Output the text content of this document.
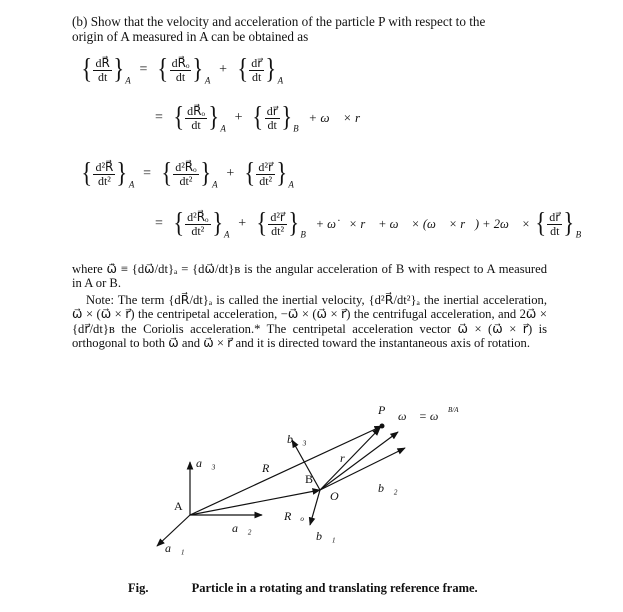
(b) Show that the velocity and acceleration of the particle P with respect to the
origin of A measured in A can be obtained as
{ $\frac{dR⃗}{dt} \}_A$ = { $\frac{\text{dR⃗ₒ}}{dt} \}_A$ + { $\frac{dr⃗}{dt} \}_A$
= { $\frac{\text{dR⃗ₒ}}{dt} \}_A$ + { $\frac{dr⃗}{dt} \}_B$ + ω⃗ × r⃗
{ $\frac{\text{d²R⃗}}{\text{dt²}} \}_A$ = { $\frac{\text{d²R⃗ₒ}}{\text{dt²}} \}_A$ + { $\frac{\text{d²r⃗}}{\text{dt²}} \}_A$
= { $\frac{\text{d²R⃗ₒ}}{\text{dt²}} \}_A$ + { $\frac{\text{d²r⃗}}{\text{dt²}} \}_B$ + ω̇⃗ × r⃗ + ω⃗ × (ω⃗ × r⃗) + 2ω⃗ × { $\frac{dr⃗}{dt} \}_B$
where ω̇⃗ ≡ {dω⃗/dt}ₐ = {dω⃗/dt}ʙ is the angular acceleration of B with respect to A measured in A or B.
Note: The term {dR⃗/dt}ₐ is called the inertial velocity, {d²R⃗/dt²}ₐ the inertial acceleration, ω⃗ × (ω⃗ × r⃗) the centripetal acceleration, −ω⃗ × (ω⃗ × r⃗) the centrifugal acceleration, and 2ω⃗ × {dr⃗/dt}ʙ the Coriolis acceleration.* The centripetal acceleration vector ω⃗ × (ω⃗ × r⃗) is orthogonal to both ω⃗ and ω⃗ × r⃗ and it is directed toward the instantaneous axis of rotation.
P ω⃗ = ω⃗ B/A
b⃗₃
a⃗₃	R⃗
r⃗
B
O
b⃗₂
A
R⃗ₒ
a⃗₂
b⃗₁
a⃗₁
Fig.	Particle in a rotating and translating reference frame.
